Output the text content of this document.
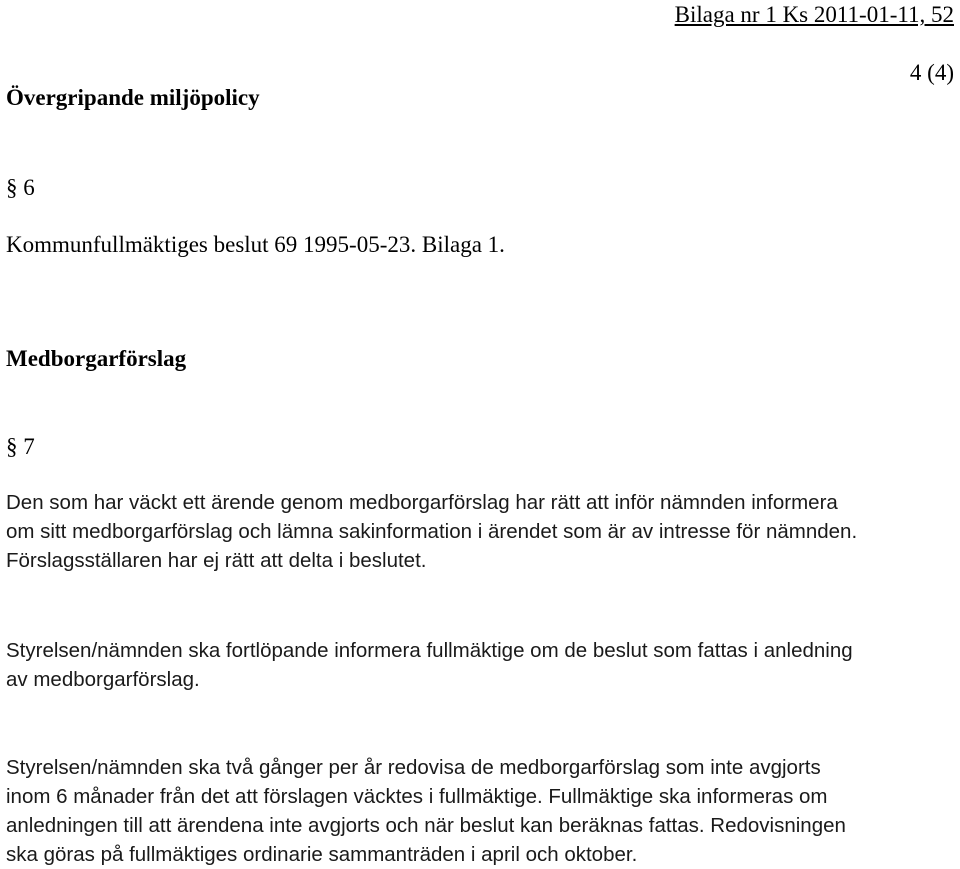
Bilaga nr 1 Ks 2011-01-11, 52
4 (4)
Övergripande miljöpolicy
§ 6
Kommunfullmäktiges beslut 69 1995-05-23. Bilaga 1.
Medborgarförslag
§ 7
Den som har väckt ett ärende genom medborgarförslag har rätt att inför nämnden informera
om sitt medborgarförslag och lämna sakinformation i ärendet som är av intresse för nämnden.
Förslagsställaren har ej rätt att delta i beslutet.
Styrelsen/nämnden ska fortlöpande informera fullmäktige om de beslut som fattas i anledning
av medborgarförslag.
Styrelsen/nämnden ska två gånger per år redovisa de medborgarförslag som inte avgjorts
inom 6 månader från det att förslagen väcktes i fullmäktige. Fullmäktige ska informeras om
anledningen till att ärendena inte avgjorts och när beslut kan beräknas fattas. Redovisningen
ska göras på fullmäktiges ordinarie sammanträden i april och oktober.
